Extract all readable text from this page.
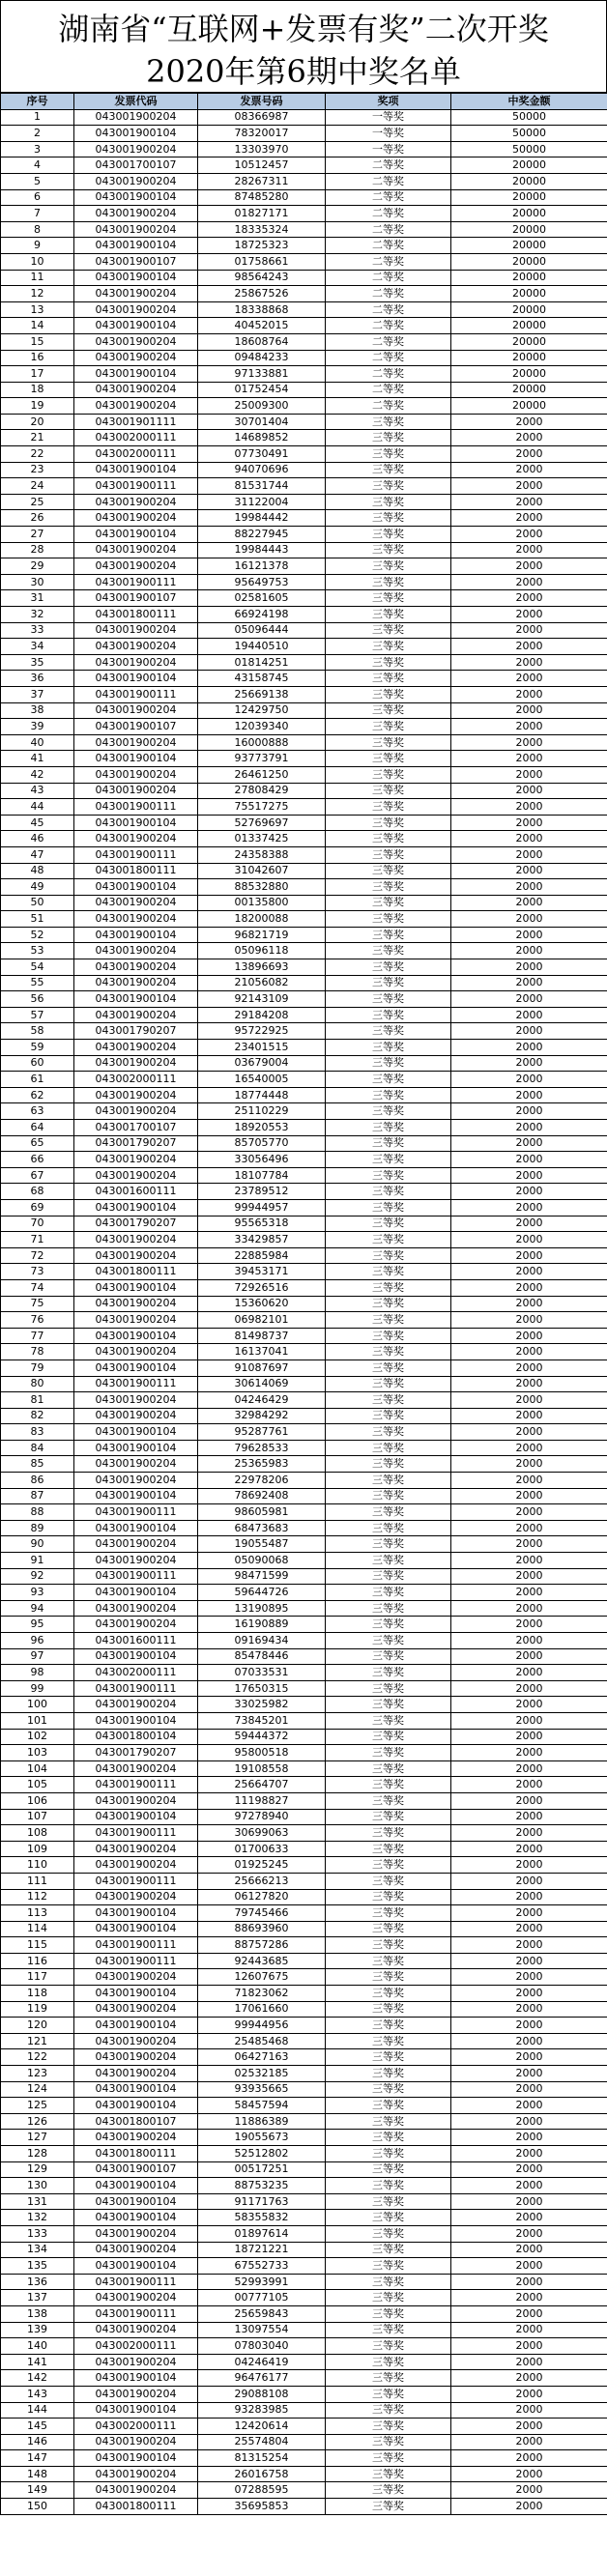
湖南省“互联网+发票有奖”二次开奖
2020年第6期中奖名单
序号	发票代码	发票号码	奖项	中奖金额
1	043001900204	08366987	一等奖	50000
2	043001900104	78320017	一等奖	50000
3	043001900204	13303970	一等奖	50000
4	043001700107	10512457	二等奖	20000
5	043001900204	28267311	二等奖	20000
6	043001900104	87485280	二等奖	20000
7	043001900204	01827171	二等奖	20000
8	043001900204	18335324	二等奖	20000
9	043001900104	18725323	二等奖	20000
10	043001900107	01758661	二等奖	20000
11	043001900104	98564243	二等奖	20000
12	043001900204	25867526	二等奖	20000
13	043001900204	18338868	二等奖	20000
14	043001900104	40452015	二等奖	20000
15	043001900204	18608764	二等奖	20000
16	043001900204	09484233	二等奖	20000
17	043001900104	97133881	二等奖	20000
18	043001900204	01752454	二等奖	20000
19	043001900204	25009300	二等奖	20000
20	043001901111	30701404	三等奖	2000
21	043002000111	14689852	三等奖	2000
22	043002000111	07730491	三等奖	2000
23	043001900104	94070696	三等奖	2000
24	043001900111	81531744	三等奖	2000
25	043001900204	31122004	三等奖	2000
26	043001900204	19984442	三等奖	2000
27	043001900104	88227945	三等奖	2000
28	043001900204	19984443	三等奖	2000
29	043001900204	16121378	三等奖	2000
30	043001900111	95649753	三等奖	2000
31	043001900107	02581605	三等奖	2000
32	043001800111	66924198	三等奖	2000
33	043001900204	05096444	三等奖	2000
34	043001900204	19440510	三等奖	2000
35	043001900204	01814251	三等奖	2000
36	043001900104	43158745	三等奖	2000
37	043001900111	25669138	三等奖	2000
38	043001900204	12429750	三等奖	2000
39	043001900107	12039340	三等奖	2000
40	043001900204	16000888	三等奖	2000
41	043001900104	93773791	三等奖	2000
42	043001900204	26461250	三等奖	2000
43	043001900204	27808429	三等奖	2000
44	043001900111	75517275	三等奖	2000
45	043001900104	52769697	三等奖	2000
46	043001900204	01337425	三等奖	2000
47	043001900111	24358388	三等奖	2000
48	043001800111	31042607	三等奖	2000
49	043001900104	88532880	三等奖	2000
50	043001900204	00135800	三等奖	2000
51	043001900204	18200088	三等奖	2000
52	043001900104	96821719	三等奖	2000
53	043001900204	05096118	三等奖	2000
54	043001900204	13896693	三等奖	2000
55	043001900204	21056082	三等奖	2000
56	043001900104	92143109	三等奖	2000
57	043001900204	29184208	三等奖	2000
58	043001790207	95722925	三等奖	2000
59	043001900204	23401515	三等奖	2000
60	043001900204	03679004	三等奖	2000
61	043002000111	16540005	三等奖	2000
62	043001900204	18774448	三等奖	2000
63	043001900204	25110229	三等奖	2000
64	043001700107	18920553	三等奖	2000
65	043001790207	85705770	三等奖	2000
66	043001900204	33056496	三等奖	2000
67	043001900204	18107784	三等奖	2000
68	043001600111	23789512	三等奖	2000
69	043001900104	99944957	三等奖	2000
70	043001790207	95565318	三等奖	2000
71	043001900204	33429857	三等奖	2000
72	043001900204	22885984	三等奖	2000
73	043001800111	39453171	三等奖	2000
74	043001900104	72926516	三等奖	2000
75	043001900204	15360620	三等奖	2000
76	043001900204	06982101	三等奖	2000
77	043001900104	81498737	三等奖	2000
78	043001900204	16137041	三等奖	2000
79	043001900104	91087697	三等奖	2000
80	043001900111	30614069	三等奖	2000
81	043001900204	04246429	三等奖	2000
82	043001900204	32984292	三等奖	2000
83	043001900104	95287761	三等奖	2000
84	043001900104	79628533	三等奖	2000
85	043001900204	25365983	三等奖	2000
86	043001900204	22978206	三等奖	2000
87	043001900104	78692408	三等奖	2000
88	043001900111	98605981	三等奖	2000
89	043001900104	68473683	三等奖	2000
90	043001900204	19055487	三等奖	2000
91	043001900204	05090068	三等奖	2000
92	043001900111	98471599	三等奖	2000
93	043001900104	59644726	三等奖	2000
94	043001900204	13190895	三等奖	2000
95	043001900204	16190889	三等奖	2000
96	043001600111	09169434	三等奖	2000
97	043001900104	85478446	三等奖	2000
98	043002000111	07033531	三等奖	2000
99	043001900111	17650315	三等奖	2000
100	043001900204	33025982	三等奖	2000
101	043001900104	73845201	三等奖	2000
102	043001800104	59444372	三等奖	2000
103	043001790207	95800518	三等奖	2000
104	043001900204	19108558	三等奖	2000
105	043001900111	25664707	三等奖	2000
106	043001900204	11198827	三等奖	2000
107	043001900104	97278940	三等奖	2000
108	043001900111	30699063	三等奖	2000
109	043001900204	01700633	三等奖	2000
110	043001900204	01925245	三等奖	2000
111	043001900111	25666213	三等奖	2000
112	043001900204	06127820	三等奖	2000
113	043001900104	79745466	三等奖	2000
114	043001900104	88693960	三等奖	2000
115	043001900111	88757286	三等奖	2000
116	043001900111	92443685	三等奖	2000
117	043001900204	12607675	三等奖	2000
118	043001900104	71823062	三等奖	2000
119	043001900204	17061660	三等奖	2000
120	043001900104	99944956	三等奖	2000
121	043001900204	25485468	三等奖	2000
122	043001900204	06427163	三等奖	2000
123	043001900204	02532185	三等奖	2000
124	043001900104	93935665	三等奖	2000
125	043001900104	58457594	三等奖	2000
126	043001800107	11886389	三等奖	2000
127	043001900204	19055673	三等奖	2000
128	043001800111	52512802	三等奖	2000
129	043001900107	00517251	三等奖	2000
130	043001900104	88753235	三等奖	2000
131	043001900104	91171763	三等奖	2000
132	043001900104	58355832	三等奖	2000
133	043001900204	01897614	三等奖	2000
134	043001900204	18721221	三等奖	2000
135	043001900104	67552733	三等奖	2000
136	043001900111	52993991	三等奖	2000
137	043001900204	00777105	三等奖	2000
138	043001900111	25659843	三等奖	2000
139	043001900204	13097554	三等奖	2000
140	043002000111	07803040	三等奖	2000
141	043001900204	04246419	三等奖	2000
142	043001900104	96476177	三等奖	2000
143	043001900204	29088108	三等奖	2000
144	043001900104	93283985	三等奖	2000
145	043002000111	12420614	三等奖	2000
146	043001900204	25574804	三等奖	2000
147	043001900104	81315254	三等奖	2000
148	043001900204	26016758	三等奖	2000
149	043001900204	07288595	三等奖	2000
150	043001800111	35695853	三等奖	2000
